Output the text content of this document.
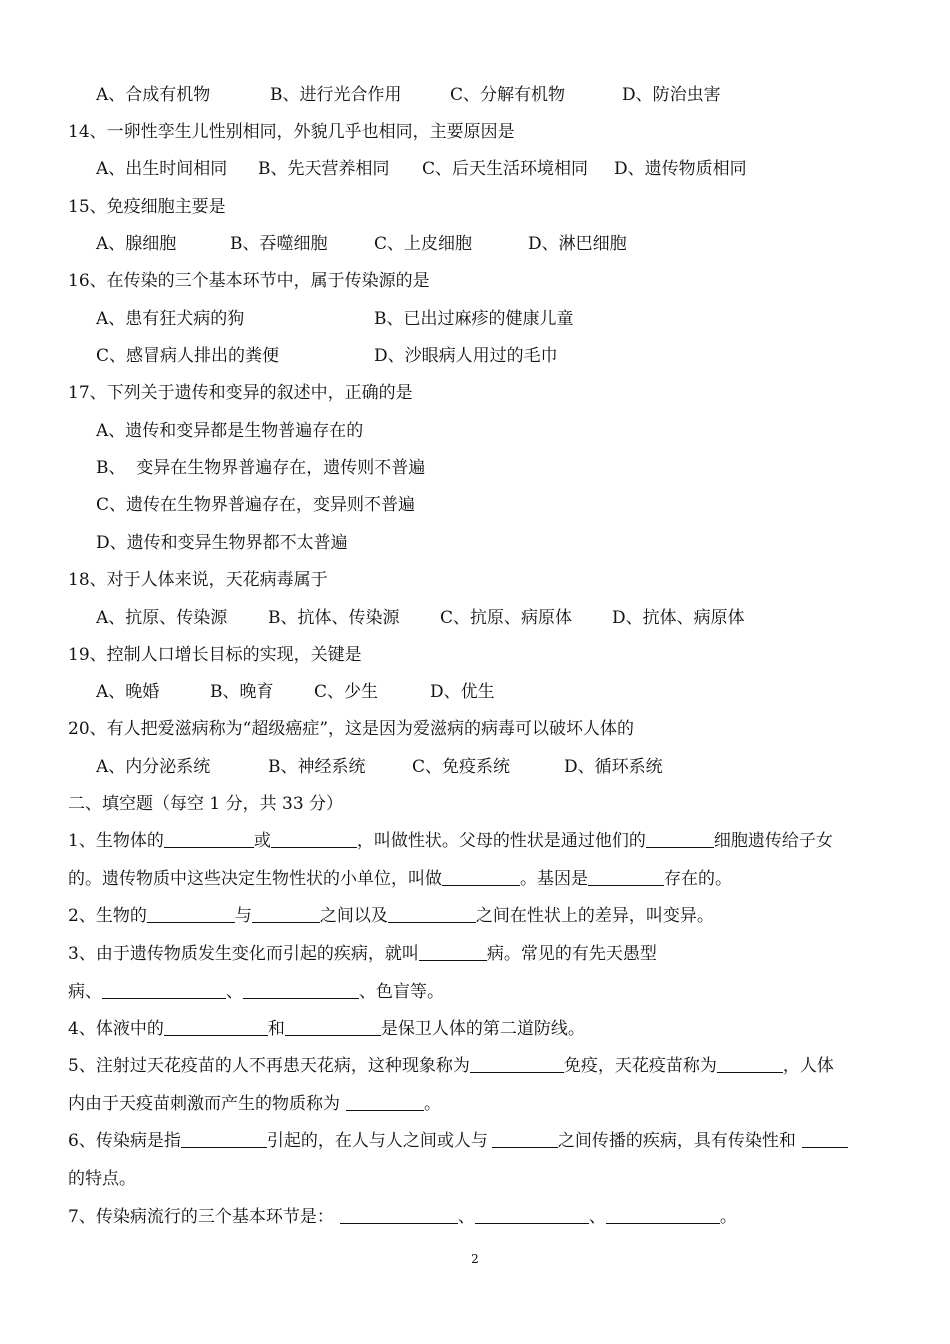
A、合成有机物	B、进行光合作用	C、分解有机物	D、防治虫害
14、一卵性孪生儿性别相同，外貌几乎也相同，主要原因是
A、出生时间相同 B、先天营养相同 C、后天生活环境相同 D、遗传物质相同
15、免疫细胞主要是
A、腺细胞	B、吞噬细胞	C、上皮细胞	D、淋巴细胞
16、在传染的三个基本环节中，属于传染源的是
A、患有狂犬病的狗	B、已出过麻疹的健康儿童
C、感冒病人排出的粪便	D、沙眼病人用过的毛巾
17、下列关于遗传和变异的叙述中，正确的是
A、遗传和变异都是生物普遍存在的
B、  变异在生物界普遍存在，遗传则不普遍
C、遗传在生物界普遍存在，变异则不普遍
D、遗传和变异生物界都不太普遍
18、对于人体来说，天花病毒属于
A、抗原、传染源 B、抗体、传染源 C、抗原、病原体 D、抗体、病原体
19、控制人口增长目标的实现，关键是
A、晚婚	B、晚育 C、少生	D、优生
20、有人把爱滋病称为“超级癌症”，这是因为爱滋病的病毒可以破坏人体的
A、内分泌系统	B、神经系统	C、免疫系统	D、循环系统
二、填空题（每空 1 分，共 33 分）
1、生物体的	或	，叫做性状。父母的性状是通过他们的	细胞遗传给子女
的。遗传物质中这些决定生物性状的小单位，叫做	。基因是	存在的。
2、生物的	与	之间以及	之间在性状上的差异，叫变异。
3、由于遗传物质发生变化而引起的疾病，就叫	病。常见的有先天愚型
病、	、	、色盲等。
4、体液中的	和	是保卫人体的第二道防线。
5、注射过天花疫苗的人不再患天花病，这种现象称为	免疫，天花疫苗称为	，人体
内由于天疫苗刺激而产生的物质称为	。
6、传染病是指	引起的，在人与人之间或人与	之间传播的疾病，具有传染性和
的特点。
7、传染病流行的三个基本环节是：	、	、	。
2
